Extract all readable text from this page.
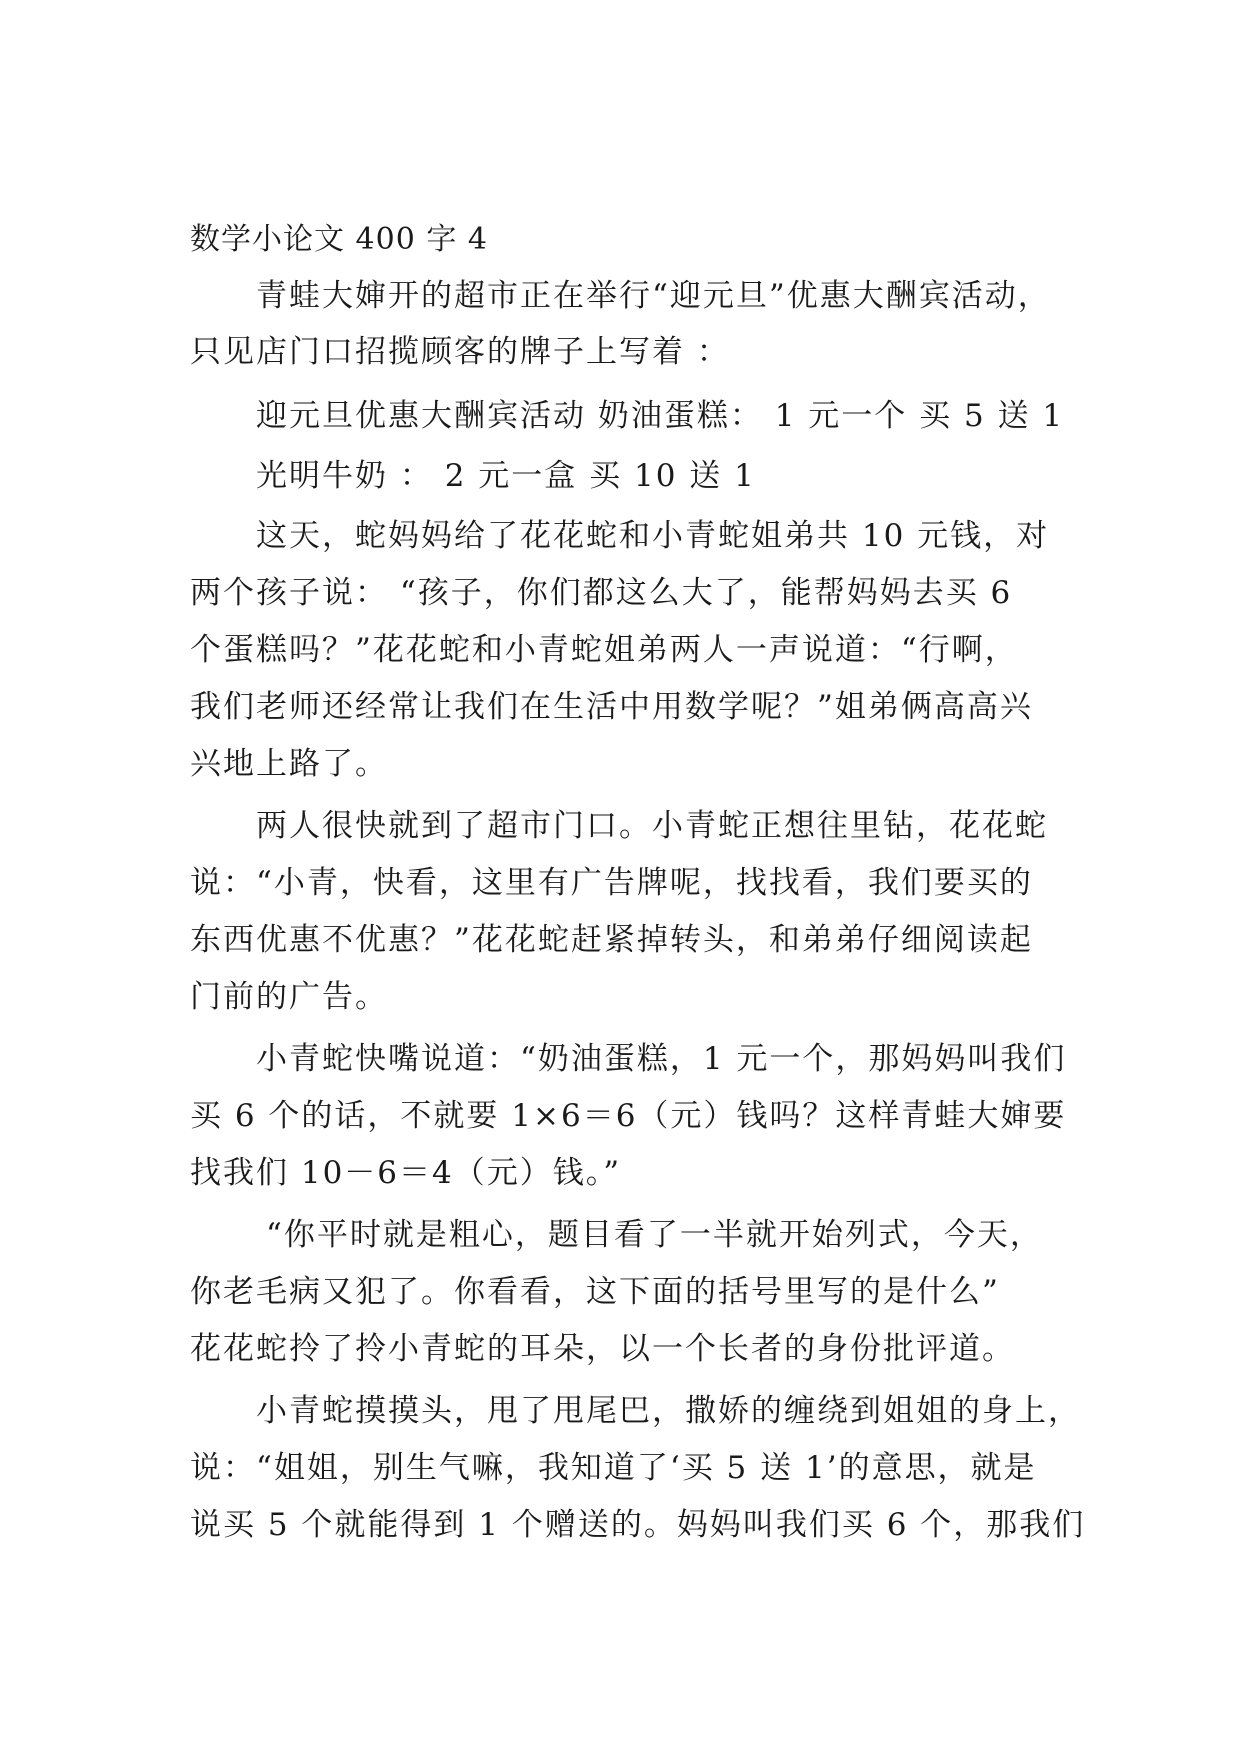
数学小论文 400 字 4
青蛙大婶开的超市正在举行“迎元旦”优惠大酬宾活动，
只见店门口招揽顾客的牌子上写着 ：
迎元旦优惠大酬宾活动 奶油蛋糕： 1 元一个 买 5 送 1
光明牛奶 ： 2 元一盒 买 10 送 1
这天，蛇妈妈给了花花蛇和小青蛇姐弟共 10 元钱，对
两个孩子说： “孩子，你们都这么大了，能帮妈妈去买 6
个蛋糕吗？”花花蛇和小青蛇姐弟两人一声说道：“行啊，
我们老师还经常让我们在生活中用数学呢？”姐弟俩高高兴
兴地上路了。
两人很快就到了超市门口。小青蛇正想往里钻，花花蛇
说：“小青，快看，这里有广告牌呢，找找看，我们要买的
东西优惠不优惠？”花花蛇赶紧掉转头，和弟弟仔细阅读起
门前的广告。
小青蛇快嘴说道：“奶油蛋糕，1 元一个，那妈妈叫我们
买 6 个的话，不就要 1×6＝6（元）钱吗？这样青蛙大婶要
找我们 10－6＝4（元）钱。”
“你平时就是粗心，题目看了一半就开始列式，今天，
你老毛病又犯了。你看看，这下面的括号里写的是什么”
花花蛇拎了拎小青蛇的耳朵，以一个长者的身份批评道。
小青蛇摸摸头，甩了甩尾巴，撒娇的缠绕到姐姐的身上，
说：“姐姐，别生气嘛，我知道了‘买 5 送 1’的意思，就是
说买 5 个就能得到 1 个赠送的。妈妈叫我们买 6 个，那我们
